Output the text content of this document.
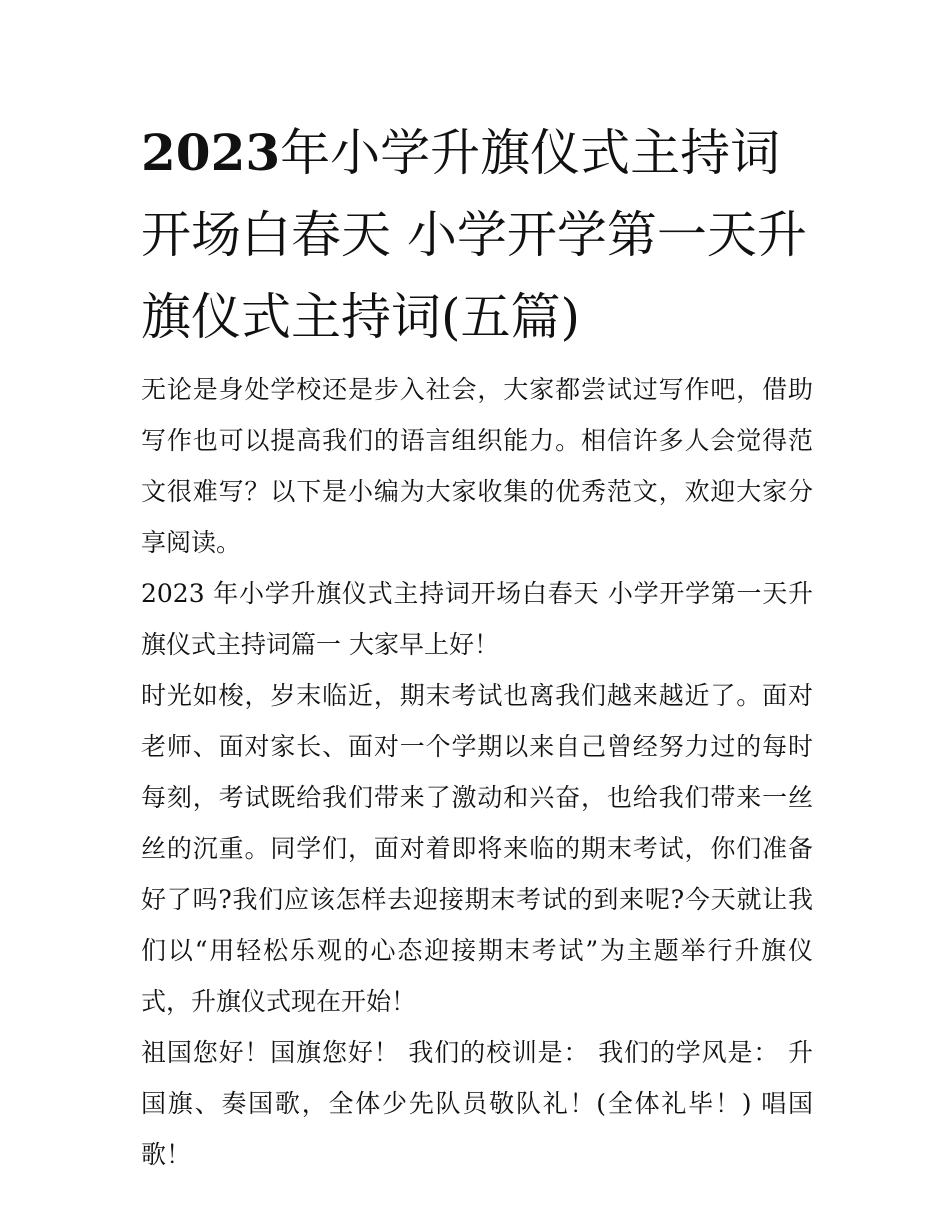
2023年小学升旗仪式主持词开场白春天 小学开学第一天升旗仪式主持词(五篇)

无论是身处学校还是步入社会，大家都尝试过写作吧，借助写作也可以提高我们的语言组织能力。相信许多人会觉得范文很难写？以下是小编为大家收集的优秀范文，欢迎大家分享阅读。

2023 年小学升旗仪式主持词开场白春天 小学开学第一天升旗仪式主持词篇一 大家早上好！

时光如梭，岁末临近，期末考试也离我们越来越近了。面对老师、面对家长、面对一个学期以来自己曾经努力过的每时每刻，考试既给我们带来了激动和兴奋，也给我们带来一丝丝的沉重。同学们，面对着即将来临的期末考试，你们准备好了吗?我们应该怎样去迎接期末考试的到来呢?今天就让我们以“用轻松乐观的心态迎接期末考试”为主题举行升旗仪式，升旗仪式现在开始！

祖国您好！国旗您好！ 我们的校训是： 我们的学风是： 升国旗、奏国歌，全体少先队员敬队礼！(全体礼毕！) 唱国歌！
